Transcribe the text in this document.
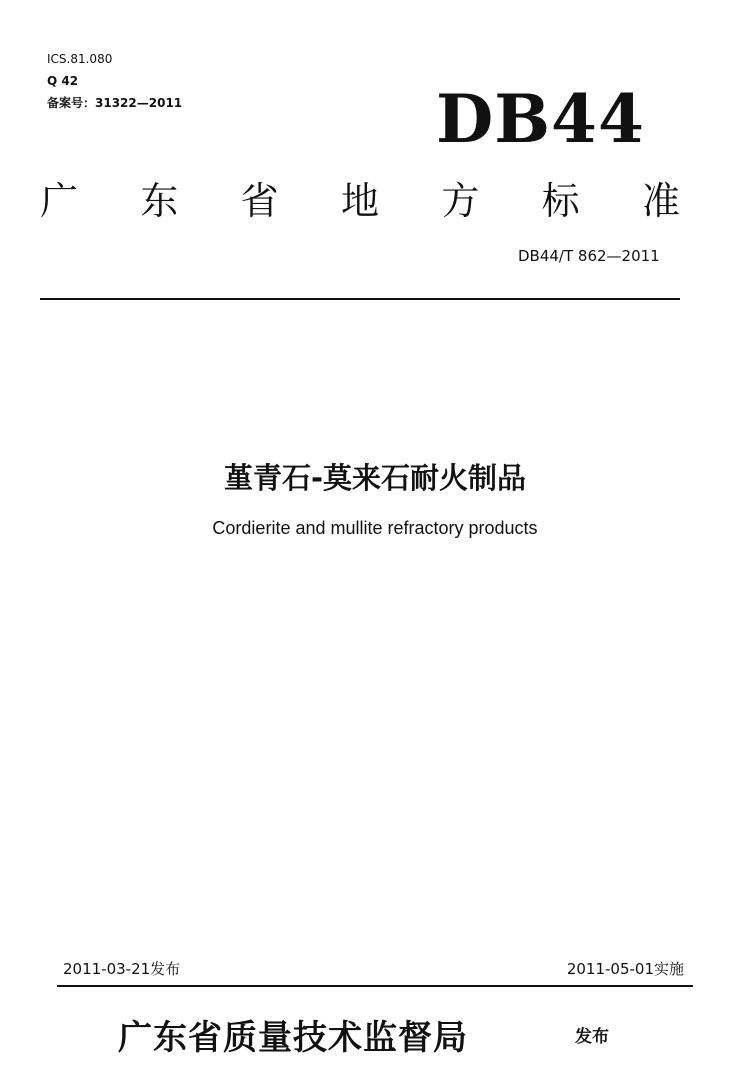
ICS.81.080
Q 42
备案号：31322—2011	DB44
广 东 省 地 方 标 准
DB44/T 862—2011
堇青石-莫来石耐火制品
Cordierite and mullite refractory products
2011-03-21发布	2011-05-01实施
广东省质量技术监督局	发布
